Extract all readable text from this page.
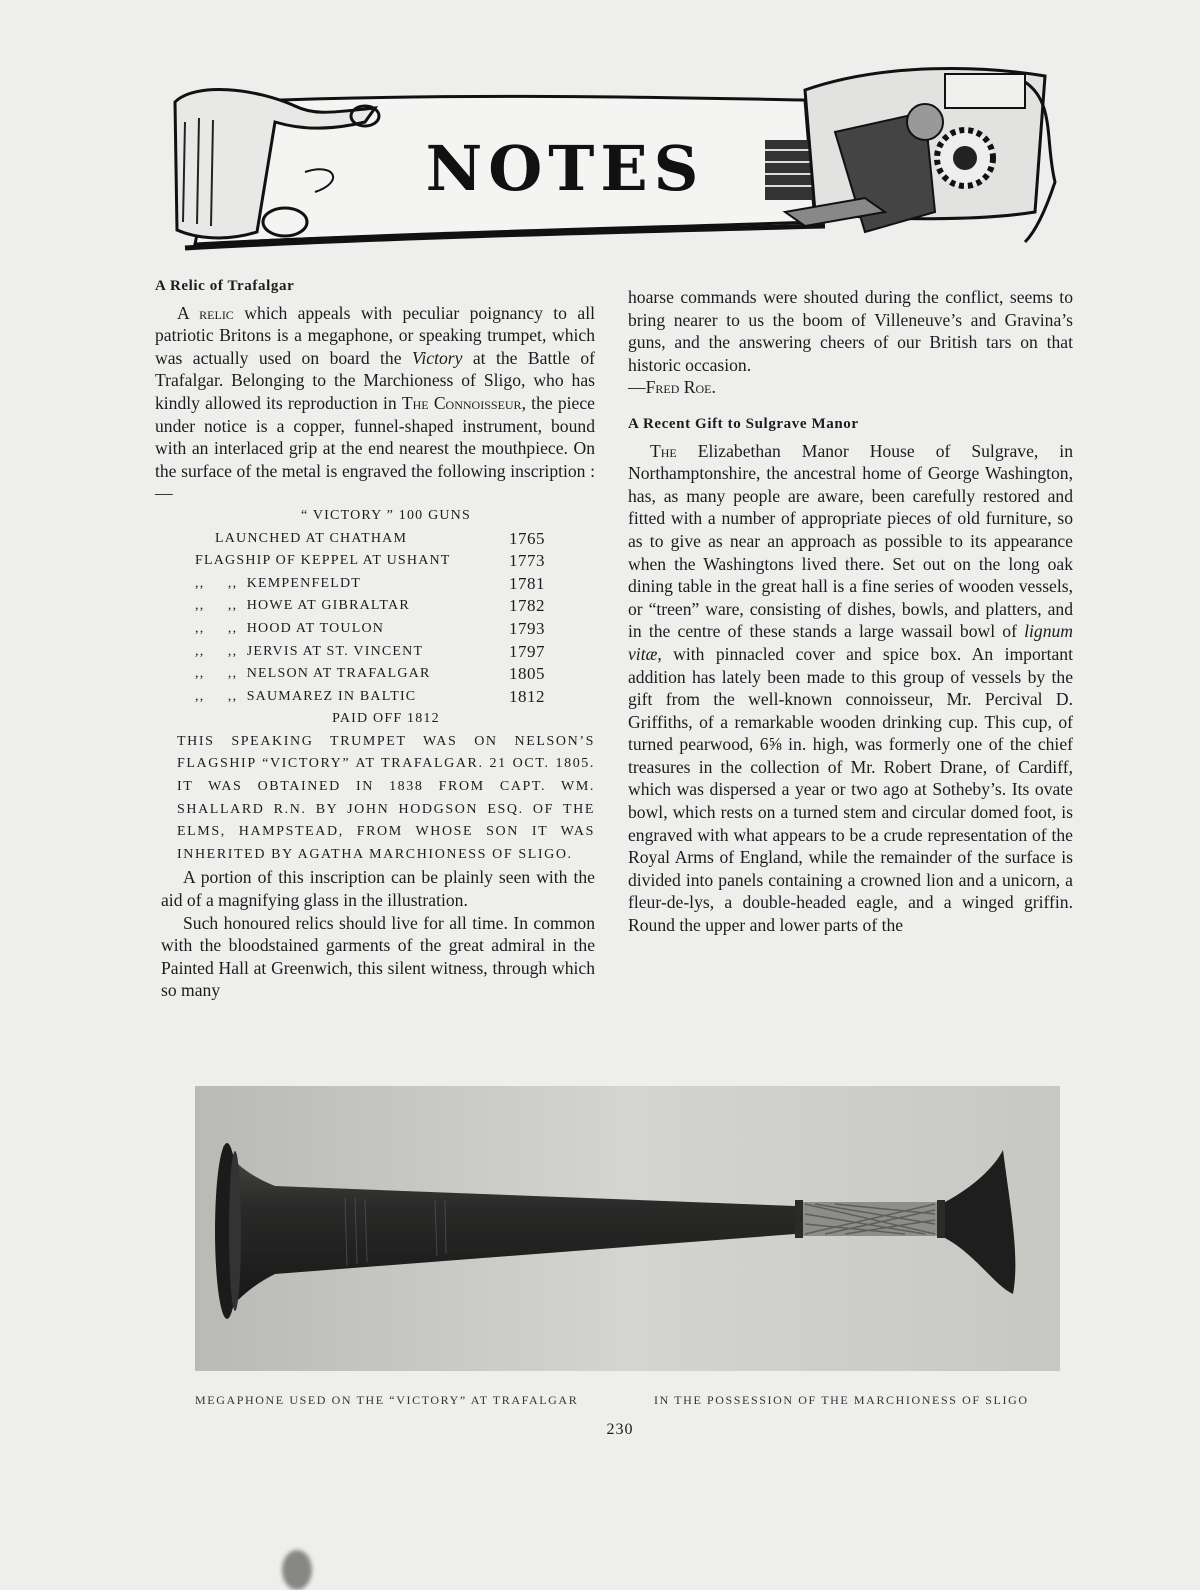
NOTES
A Relic of Trafalgar

A relic which appeals with peculiar poignancy to all patriotic Britons is a megaphone, or speaking trumpet, which was actually used on board the Victory at the Battle of Trafalgar. Belonging to the Marchioness of Sligo, who has kindly allowed its reproduction in The Connoisseur, the piece under notice is a copper, funnel-shaped instrument, bound with an interlaced grip at the end nearest the mouthpiece. On the surface of the metal is engraved the following inscription :—

“ VICTORY ” 100 GUNS

LAUNCHED AT CHATHAM	1765
FLAGSHIP OF KEPPEL AT USHANT	1773
,,     ,,  KEMPENFELDT	1781
,,     ,,  HOWE AT GIBRALTAR	1782
,,     ,,  HOOD AT TOULON	1793
,,     ,,  JERVIS AT ST. VINCENT	1797
,,     ,,  NELSON AT TRAFALGAR	1805
,,     ,,  SAUMAREZ IN BALTIC	1812

PAID OFF 1812

THIS SPEAKING TRUMPET WAS ON NELSON’S FLAGSHIP “VICTORY” AT TRAFALGAR. 21 OCT. 1805. IT WAS OBTAINED IN 1838 FROM CAPT. WM. SHALLARD R.N. BY JOHN HODGSON ESQ. OF THE ELMS, HAMPSTEAD, FROM WHOSE SON IT WAS INHERITED BY AGATHA MARCHIONESS OF SLIGO.

A portion of this inscription can be plainly seen with the aid of a magnifying glass in the illustration.

Such honoured relics should live for all time. In common with the bloodstained garments of the great admiral in the Painted Hall at Greenwich, this silent witness, through which so many

hoarse commands were shouted during the conflict, seems to bring nearer to us the boom of Villeneuve’s and Gravina’s guns, and the answering cheers of our British tars on that historic occasion.

—Fred Roe.

A Recent Gift to Sulgrave Manor

The Elizabethan Manor House of Sulgrave, in Northamptonshire, the ancestral home of George Washington, has, as many people are aware, been carefully restored and fitted with a number of appropriate pieces of old furniture, so as to give as near an approach as possible to its appearance when the Washingtons lived there. Set out on the long oak dining table in the great hall is a fine series of wooden vessels, or “treen” ware, consisting of dishes, bowls, and platters, and in the centre of these stands a large wassail bowl of lignum vitæ, with pinnacled cover and spice box. An important addition has lately been made to this group of vessels by the gift from the well-known connoisseur, Mr. Percival D. Griffiths, of a remarkable wooden drinking cup. This cup, of turned pearwood, 6⅝ in. high, was formerly one of the chief treasures in the collection of Mr. Robert Drane, of Cardiff, which was dispersed a year or two ago at Sotheby’s. Its ovate bowl, which rests on a turned stem and circular domed foot, is engraved with what appears to be a crude representation of the Royal Arms of England, while the remainder of the surface is divided into panels containing a crowned lion and a unicorn, a fleur-de-lys, a double-headed eagle, and a winged griffin. Round the upper and lower parts of the

MEGAPHONE USED ON THE “VICTORY” AT TRAFALGAR	IN THE POSSESSION OF THE MARCHIONESS OF SLIGO
230
